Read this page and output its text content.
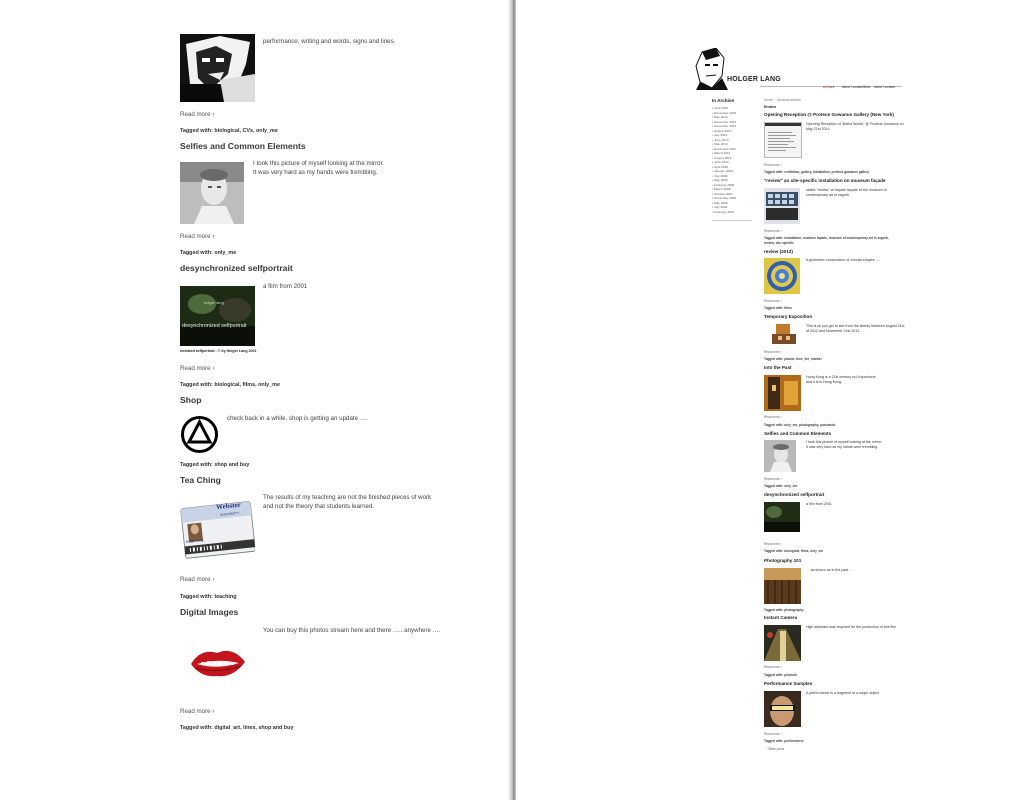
performance, writing and words, signs and lines.
Read more ›
Tagged with: biological, CVs, only_me
Selfies and Common Elements
I took this picture of myself looking at the mirror.
It was very hard as my hands were trembling.
Read more ›
Tagged with: only_me
desynchronized selfportrait
holger lang
desynchronized selfportrait
lxrelated selfportrait - © by Holger Lang 2001
a film from 2001
Read more ›
Tagged with: biological, films, only_me
Shop
check back in a while, shop is getting an update ….
Tagged with: shop and buy
Tea Ching
Webster
UNIVERSITY
Holger Lang
The results of my teaching are not the finished pieces of work
and not the theory that students learned.
Read more ›
Tagged with: teaching
Digital Images
You can buy this photos stream here and there ….. anywhere ….
Read more ›
Tagged with: digital_art, lines, shop and buy
HOLGER LANG
art work about / contact/links about / contact
In Archive
• April 2016
• December 2015
• May 2014
• December 2013
• November 2013
• August 2013
• July 2013
• June 2013
• May 2013
• December 2011
• March 2011
• August 2010
• June 2010
• April 2010
• January 2009
• July 2009
• May 2009
• February 2009
• March 2008
• October 2007
• December 2006
• May 2006
• July 2002
• February 2001
Home › · personal artwork
Entries
Opening Reception @ Proteus Gowanus Gallery (New York)
Opening Reception of "Ballot Works" @ Proteus Gowanus on May 21st 2014
Read more ›
Tagged with: exhibition, gallery, installation, proteus gowanus gallery
"review" an site-specific installation on museum façade
called "review" on façade façade of the museum of contemporary art in zagreb
Read more ›
Tagged with: installation, museum façade, museum of contemporary art in zagreb, review, site specific
review (2013)
A geometric construction of circular shapes ….
Read more ›
Tagged with: films
Temporary Exposition
This is all you get to see from the twenty between August 21st of 2012 and November 21st 2013 ….
Read more ›
Tagged with: plastic, time_the_market
Into the Past
Hong Kong is a 21st century sci-fi spectacle and it is in Hong Kong.
Read more ›
Tagged with: only_me, photography, postcards
Selfies and Common Elements
I took this picture of myself looking at the mirror. It was very hard as my hands were trembling.
Read more ›
Tagged with: only_me
desynchronized selfportrait
a film from 2001
Read more ›
Tagged with: biological, films, only_me
Photography 101
… as shown as in the past …
Tagged with: photography
Instant Camera
High standard was required for the production of this film
Read more ›
Tagged with: polaroid
Performance Samples
A performance is a fragment of a larger object
Read more ›
Tagged with: performance
‹ Older posts
